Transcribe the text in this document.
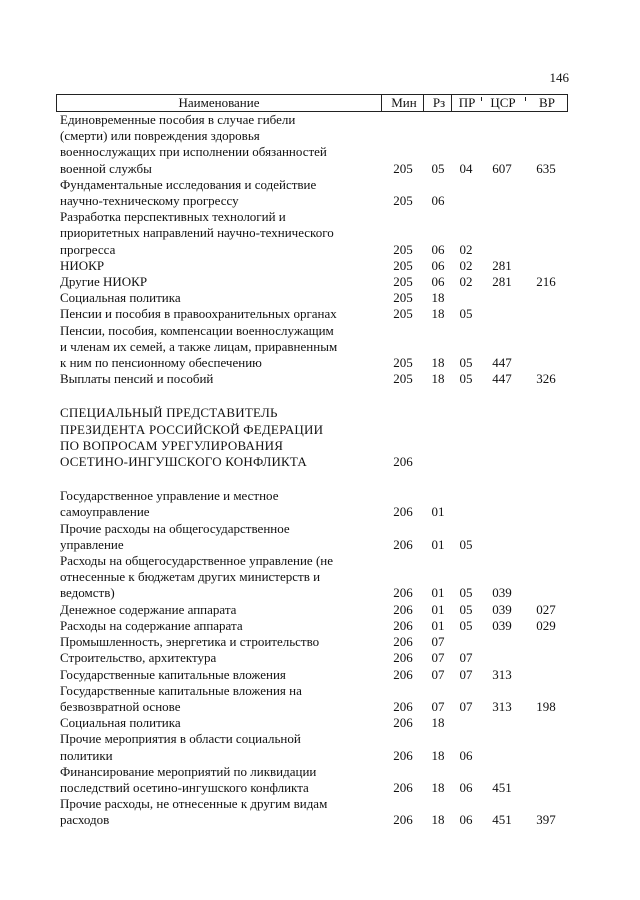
146
Наименование	Мин	Рз	ПР	ЦСР	ВР
Единовременные пособия в случае гибели
(смерти) или повреждения здоровья
военнослужащих при исполнении обязанностей
военной службы	205	05	04	607	635
Фундаментальные исследования и содействие
научно-техническому прогрессу	205	06
Разработка перспективных технологий и
приоритетных направлений научно-технического
прогресса	205	06	02
НИОКР	205	06	02	281
Другие НИОКР	205	06	02	281	216
Социальная политика	205	18
Пенсии и пособия в правоохранительных органах	205	18	05
Пенсии, пособия, компенсации военнослужащим
и членам их семей, а также лицам, приравненным
к ним по пенсионному обеспечению	205	18	05	447
Выплаты пенсий и пособий	205	18	05	447	326
СПЕЦИАЛЬНЫЙ ПРЕДСТАВИТЕЛЬ
ПРЕЗИДЕНТА РОССИЙСКОЙ ФЕДЕРАЦИИ
ПО ВОПРОСАМ УРЕГУЛИРОВАНИЯ
ОСЕТИНО-ИНГУШСКОГО КОНФЛИКТА	206
Государственное управление и местное
самоуправление	206	01
Прочие расходы на общегосударственное
управление	206	01	05
Расходы на общегосударственное управление (не
отнесенные к бюджетам других министерств и
ведомств)	206	01	05	039
Денежное содержание аппарата	206	01	05	039	027
Расходы на содержание аппарата	206	01	05	039	029
Промышленность, энергетика и строительство	206	07
Строительство, архитектура	206	07	07
Государственные капитальные вложения	206	07	07	313
Государственные капитальные вложения на
безвозвратной основе	206	07	07	313	198
Социальная политика	206	18
Прочие мероприятия в области социальной
политики	206	18	06
Финансирование мероприятий по ликвидации
последствий осетино-ингушского конфликта	206	18	06	451
Прочие расходы, не отнесенные к другим видам
расходов	206	18	06	451	397
